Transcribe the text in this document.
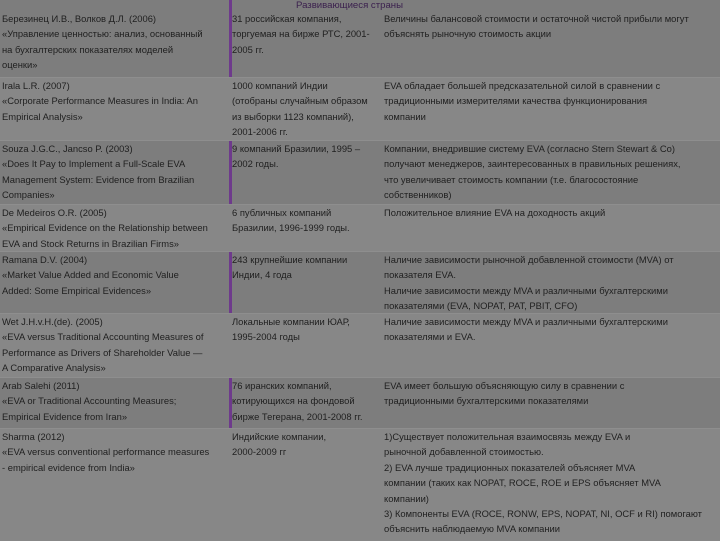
Развивающиеся страны
Березинец И.В., Волков Д.Л. (2006)
«Управление ценностью: анализ, основанный
на бухгалтерских показателях моделей
оценки»
31 российская компания,
торгуемая на бирже РТС, 2001-
2005 гг.
Величины балансовой стоимости и остаточной чистой прибыли могут
объяснять рыночную стоимость акции
Irala L.R. (2007)
«Corporate Performance Measures in India: An
Empirical Analysis»
1000 компаний Индии
(отобраны случайным образом
из выборки 1123 компаний),
2001-2006 гг.
EVA обладает большей предсказательной силой в сравнении с
традиционными измерителями качества функционирования
компании
Souza J.G.C., Jancso P. (2003)
«Does It Pay to Implement a Full-Scale EVA
Management System: Evidence from Brazilian
Companies»
9 компаний Бразилии, 1995 –
2002 годы.
Компании, внедрившие систему EVA (согласно Stern Stewart & Co)
получают менеджеров, заинтересованных в правильных решениях,
что увеличивает стоимость компании (т.е. благосостояние
собственников)
De Medeiros O.R. (2005)
«Empirical Evidence on the Relationship between
EVA and Stock Returns in Brazilian Firms»
6 публичных компаний
Бразилии, 1996-1999 годы.
Положительное влияние EVA на доходность акций
Ramana D.V. (2004)
«Market Value Added and Economic Value
Added: Some Empirical Evidences»
243 крупнейшие компании
Индии, 4 года
Наличие зависимости рыночной добавленной стоимости (MVA) от
показателя EVA.
Наличие зависимости между MVA и различными бухгалтерскими
показателями (EVA, NOPAT, PAT, PBIT, CFO)
Wet J.H.v.H.(de). (2005)
«EVA versus Traditional Accounting Measures of
Performance as Drivers of Shareholder Value —
A Comparative Analysis»
Локальные компании ЮАР,
1995-2004 годы
Наличие зависимости между MVA и различными бухгалтерскими
показателями и EVA.
Arab Salehi (2011)
«EVA or Traditional Accounting Measures;
Empirical Evidence from Iran»
76 иранских компаний,
котирующихся на фондовой
бирже Тегерана, 2001-2008 гг.
EVA имеет большую объясняющую силу в сравнении с
традиционными бухгалтерскими показателями
Sharma (2012)
«EVA versus conventional performance measures
- empirical evidence from India»
Индийские компании,
2000-2009 гг
1)Существует положительная взаимосвязь между EVA и
рыночной добавленной стоимостью.
2) EVA лучше традиционных показателей объясняет MVA
компании (таких как NOPAT, ROCE, ROE и EPS объясняет MVA
компании)
3) Компоненты EVA (ROCE, RONW, EPS, NOPAT, NI, OCF и RI) помогают
объяснить наблюдаемую MVA компании
